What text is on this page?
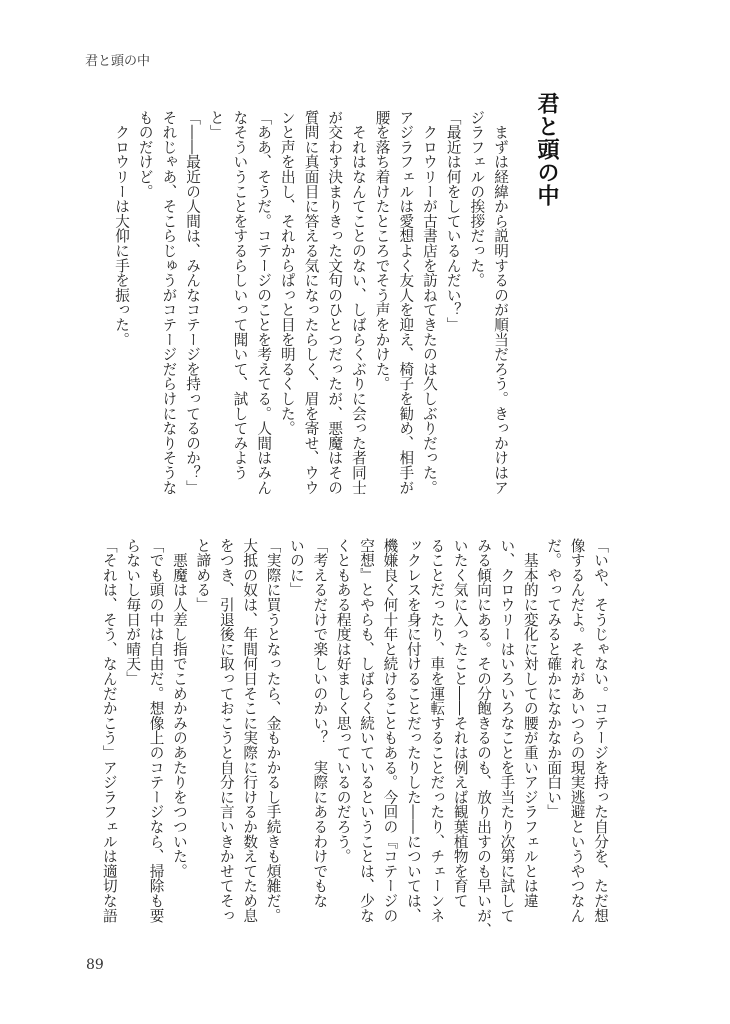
君と頭の中
君と頭の中
　まずは経緯から説明するのが順当だろう。きっかけはア
ジラフェルの挨拶だった。
「最近は何をしているんだい？」
　クロウリーが古書店を訪ねてきたのは久しぶりだった。
アジラフェルは愛想よく友人を迎え、椅子を勧め、相手が
腰を落ち着けたところでそう声をかけた。
　それはなんてことのない、しばらくぶりに会った者同士
が交わす決まりきった文句のひとつだったが、悪魔はその
質問に真面目に答える気になったらしく、眉を寄せ、ウウ
ンと声を出し、それからぱっと目を明るくした。
「ああ、そうだ。コテージのことを考えてる。人間はみん
なそういうことをするらしいって聞いて、試してみよう
と」
「――最近の人間は、みんなコテージを持ってるのか？」
それじゃあ、そこらじゅうがコテージだらけになりそうな
ものだけど。
　クロウリーは大仰に手を振った。
「いや、そうじゃない。コテージを持った自分を、ただ想
像するんだよ。それがあいつらの現実逃避というやつなん
だ。やってみると確かになかなか面白い」
　基本的に変化に対しての腰が重いアジラフェルとは違
い、クロウリーはいろいろなことを手当たり次第に試して
みる傾向にある。その分飽きるのも、放り出すのも早いが、
いたく気に入ったこと――それは例えば観葉植物を育て
ることだったり、車を運転することだったり、チェーンネ
ックレスを身に付けることだったりした――については、
機嫌良く何十年と続けることもある。今回の『コテージの
空想』とやらも、しばらく続いているということは、少な
くともある程度は好ましく思っているのだろう。
「考えるだけで楽しいのかい？　実際にあるわけでもな
いのに」
「実際に買うとなったら、金もかかるし手続きも煩雑だ。
大抵の奴は、年間何日そこに実際に行けるか数えてため息
をつき、引退後に取っておこうと自分に言いきかせてそっ
と諦める」
　悪魔は人差し指でこめかみのあたりをつついた。
「でも頭の中は自由だ。想像上のコテージなら、掃除も要
らないし毎日が晴天」
「それは、そう、なんだかこう」アジラフェルは適切な語
89
